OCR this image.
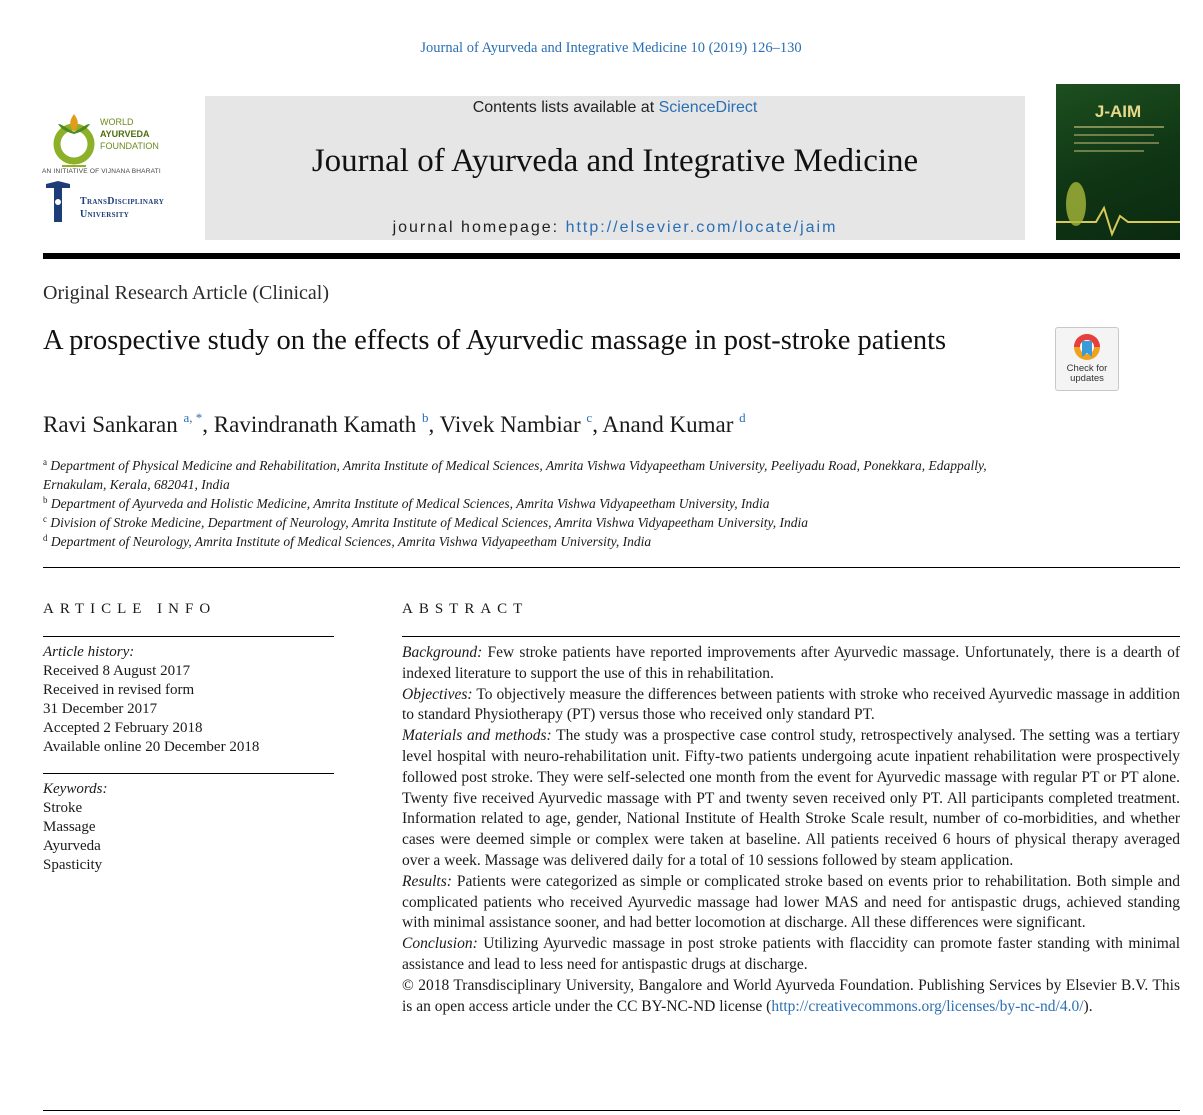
Journal of Ayurveda and Integrative Medicine 10 (2019) 126–130
WORLD
AYURVEDA
FOUNDATION
AN INITIATIVE OF VIJNANA BHARATI
TransDisciplinary
University
Contents lists available at ScienceDirect
Journal of Ayurveda and Integrative Medicine
journal homepage: http://elsevier.com/locate/jaim
J-AIM
Original Research Article (Clinical)
A prospective study on the effects of Ayurvedic massage in post-stroke patients
Check for updates
Ravi Sankaran $^{a, *}$, Ravindranath Kamath $^b$, Vivek Nambiar $^c$, Anand Kumar $^d$
$^a$ Department of Physical Medicine and Rehabilitation, Amrita Institute of Medical Sciences, Amrita Vishwa Vidyapeetham University, Peeliyadu Road, Ponekkara, Edappally, Ernakulam, Kerala, 682041, India
$^b$ Department of Ayurveda and Holistic Medicine, Amrita Institute of Medical Sciences, Amrita Vishwa Vidyapeetham University, India
$^c$ Division of Stroke Medicine, Department of Neurology, Amrita Institute of Medical Sciences, Amrita Vishwa Vidyapeetham University, India
$^d$ Department of Neurology, Amrita Institute of Medical Sciences, Amrita Vishwa Vidyapeetham University, India
ARTICLE INFO
Article history:
Received 8 August 2017
Received in revised form
31 December 2017
Accepted 2 February 2018
Available online 20 December 2018
Keywords:
Stroke
Massage
Ayurveda
Spasticity
ABSTRACT

Background: Few stroke patients have reported improvements after Ayurvedic massage. Unfortunately, there is a dearth of indexed literature to support the use of this in rehabilitation.

Objectives: To objectively measure the differences between patients with stroke who received Ayurvedic massage in addition to standard Physiotherapy (PT) versus those who received only standard PT.

Materials and methods: The study was a prospective case control study, retrospectively analysed. The setting was a tertiary level hospital with neuro-rehabilitation unit. Fifty-two patients undergoing acute inpatient rehabilitation were prospectively followed post stroke. They were self-selected one month from the event for Ayurvedic massage with regular PT or PT alone. Twenty five received Ayurvedic massage with PT and twenty seven received only PT. All participants completed treatment. Information related to age, gender, National Institute of Health Stroke Scale result, number of co-morbidities, and whether cases were deemed simple or complex were taken at baseline. All patients received 6 hours of physical therapy averaged over a week. Massage was delivered daily for a total of 10 sessions followed by steam application.

Results: Patients were categorized as simple or complicated stroke based on events prior to rehabilitation. Both simple and complicated patients who received Ayurvedic massage had lower MAS and need for antispastic drugs, achieved standing with minimal assistance sooner, and had better locomotion at discharge. All these differences were significant.

Conclusion: Utilizing Ayurvedic massage in post stroke patients with flaccidity can promote faster standing with minimal assistance and lead to less need for antispastic drugs at discharge.

© 2018 Transdisciplinary University, Bangalore and World Ayurveda Foundation. Publishing Services by Elsevier B.V. This is an open access article under the CC BY-NC-ND license (http://creativecommons.org/licenses/by-nc-nd/4.0/).
